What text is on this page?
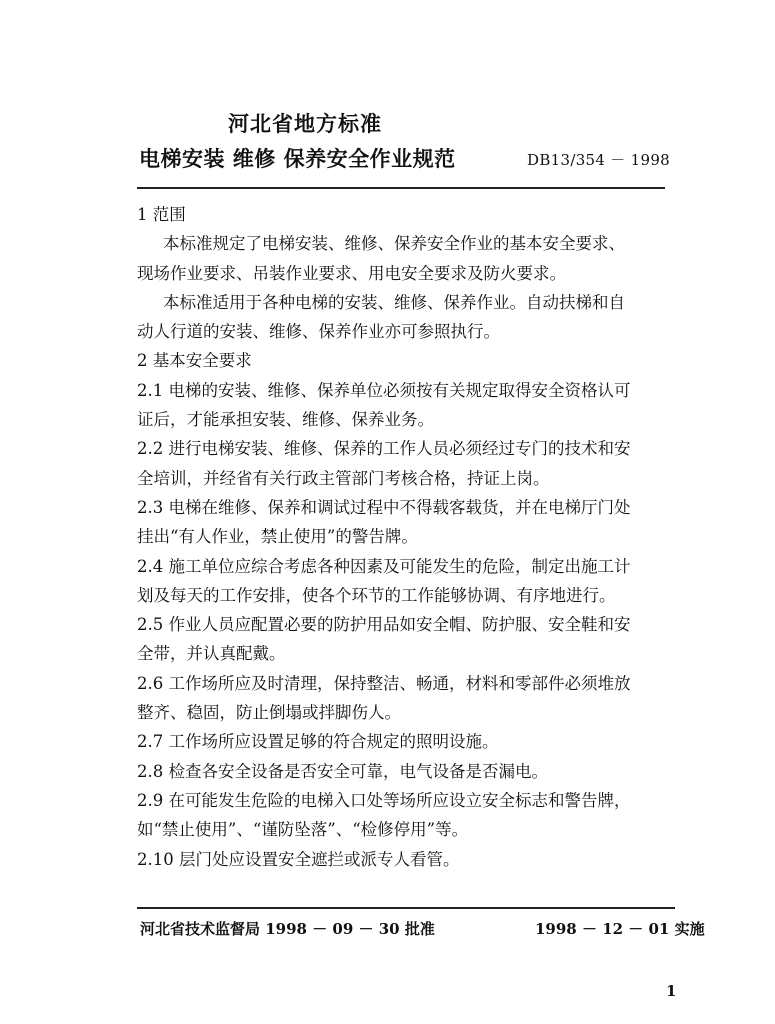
河北省地方标准
电梯安装 维修 保养安全作业规范	DB13/354 － 1998
1 范围
本标准规定了电梯安装、维修、保养安全作业的基本安全要求、
现场作业要求、吊装作业要求、用电安全要求及防火要求。
本标准适用于各种电梯的安装、维修、保养作业。自动扶梯和自
动人行道的安装、维修、保养作业亦可参照执行。
2 基本安全要求
2.1 电梯的安装、维修、保养单位必须按有关规定取得安全资格认可
证后，才能承担安装、维修、保养业务。
2.2 进行电梯安装、维修、保养的工作人员必须经过专门的技术和安
全培训，并经省有关行政主管部门考核合格，持证上岗。
2.3 电梯在维修、保养和调试过程中不得载客载货，并在电梯厅门处
挂出“有人作业，禁止使用”的警告牌。
2.4 施工单位应综合考虑各种因素及可能发生的危险，制定出施工计
划及每天的工作安排，使各个环节的工作能够协调、有序地进行。
2.5 作业人员应配置必要的防护用品如安全帽、防护服、安全鞋和安
全带，并认真配戴。
2.6 工作场所应及时清理，保持整洁、畅通，材料和零部件必须堆放
整齐、稳固，防止倒塌或拌脚伤人。
2.7 工作场所应设置足够的符合规定的照明设施。
2.8 检查各安全设备是否安全可靠，电气设备是否漏电。
2.9 在可能发生危险的电梯入口处等场所应设立安全标志和警告牌，
如“禁止使用”、“谨防坠落”、“检修停用”等。
2.10 层门处应设置安全遮拦或派专人看管。
河北省技术监督局 1998 － 09 － 30 批准	1998 － 12 － 01 实施
1
